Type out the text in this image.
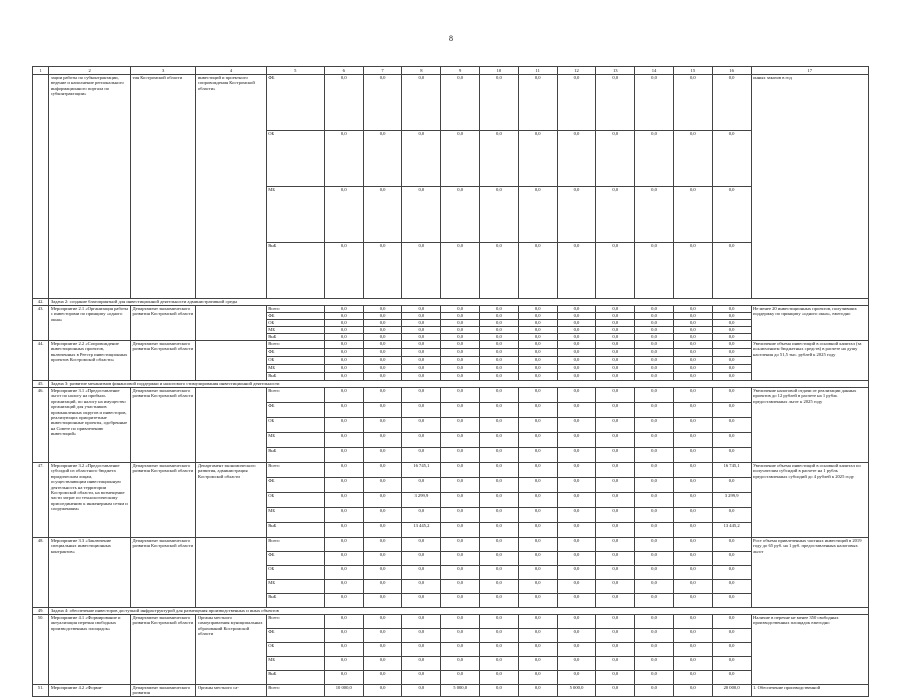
8
1	2	3	4	5	6	7	8	9	10	11	12	13	14	15	16	17
	зации работы по субконтрактации, ведение и наполнение регионального информационного портала по субконтрактации»	тия Костромской области	инвестиций и проектного сопровождения Костромской области»	ФБ	0,0	0,0	0,0	0,0	0,0	0,0	0,0	0,0	0,0	0,0	0,0	онных заказов в год
				ОБ	0,0	0,0	0,0	0,0	0,0	0,0	0,0	0,0	0,0	0,0	0,0	
				МБ	0,0	0,0	0,0	0,0	0,0	0,0	0,0	0,0	0,0	0,0	0,0	
				ВнБ	0,0	0,0	0,0	0,0	0,0	0,0	0,0	0,0	0,0	0,0	0,0	
42.	Задача 2: создание благоприятной для инвестиционной деятельности административной среды															
43.	Мероприятие 2.1 «Организация работы с инвесторами по принципу «одного окна»	Департамент экономического развития Костромской области		Всего	0,0	0,0	0,0	0,0	0,0	0,0	0,0	0,0	0,0	0,0	0,0	Не менее 20 инвестиционных проектов, получивших поддержку по принципу «одного окна», ежегодно
				ФБ	0,0	0,0	0,0	0,0	0,0	0,0	0,0	0,0	0,0	0,0	0,0	
				ОБ	0,0	0,0	0,0	0,0	0,0	0,0	0,0	0,0	0,0	0,0	0,0	
				МБ	0,0	0,0	0,0	0,0	0,0	0,0	0,0	0,0	0,0	0,0	0,0	
				ВнБ	0,0	0,0	0,0	0,0	0,0	0,0	0,0	0,0	0,0	0,0	0,0	
44.	Мероприятие 2.2 «Сопровождение инвестиционных проектов, включенных в Реестр инвестиционных проектов Костромской области»	Департамент экономического развития Костромской области		Всего	0,0	0,0	0,0	0,0	0,0	0,0	0,0	0,0	0,0	0,0	0,0	Увеличение объема инвестиций в основной капитал (за исключением бюджетных средств) в расчете на душу населения до 51,5 тыс. рублей к 2025 году
				ФБ	0,0	0,0	0,0	0,0	0,0	0,0	0,0	0,0	0,0	0,0	0,0	
				ОБ	0,0	0,0	0,0	0,0	0,0	0,0	0,0	0,0	0,0	0,0	0,0	
				МБ	0,0	0,0	0,0	0,0	0,0	0,0	0,0	0,0	0,0	0,0	0,0	
				ВнБ	0,0	0,0	0,0	0,0	0,0	0,0	0,0	0,0	0,0	0,0	0,0	
45.	Задача 3: развитие механизмов финансовой поддержки и налогового стимулирования инвестиционной деятельности															
46.	Мероприятие 3.1 «Предоставление льгот по налогу на прибыль организаций, по налогу на имущество организаций для участников промышленных округов и инвесторов, реализующих приоритетные инвестиционные проекты, одобренные на Совете по привлечению инвестиций»	Департамент экономического развития Костромской области		Всего	0,0	0,0	0,0	0,0	0,0	0,0	0,0	0,0	0,0	0,0	0,0	Увеличение налоговой отдачи от реализации данных проектов до 12 рублей в расчете на 1 рубль предоставленных льгот к 2025 году
				ФБ	0,0	0,0	0,0	0,0	0,0	0,0	0,0	0,0	0,0	0,0	0,0	
				ОБ	0,0	0,0	0,0	0,0	0,0	0,0	0,0	0,0	0,0	0,0	0,0	
				МБ	0,0	0,0	0,0	0,0	0,0	0,0	0,0	0,0	0,0	0,0	0,0	
				ВнБ	0,0	0,0	0,0	0,0	0,0	0,0	0,0	0,0	0,0	0,0	0,0	
47.	Мероприятие 3.2 «Предоставление субсидий из областного бюджета юридическим лицам, осуществляющим инвестиционную деятельность на территории Костромской области, на возмещение части затрат по технологическому присоединению к инженерным сетям и сооружениям»	Департамент экономического развития Костромской области	Департамент экономического развития, администрация Костромской области	Всего	0,0	0,0	16 745,1	0,0	0,0	0,0	0,0	0,0	0,0	0,0	16 745,1	Увеличение объема инвестиций в основной капитал по получателям субсидий в расчете на 1 рубль предоставленных субсидий до 4 рублей к 2025 году
				ФБ	0,0	0,0	0,0	0,0	0,0	0,0	0,0	0,0	0,0	0,0	0,0	
				ОБ	0,0	0,0	3 299,9	0,0	0,0	0,0	0,0	0,0	0,0	0,0	3 299,9	
				МБ	0,0	0,0	0,0	0,0	0,0	0,0	0,0	0,0	0,0	0,0	0,0	
				ВнБ	0,0	0,0	13 445,2	0,0	0,0	0,0	0,0	0,0	0,0	0,0	13 445,2	
48.	Мероприятие 3.3 «Заключение специальных инвестиционных контрактов»	Департамент экономического развития Костромской области		Всего	0,0	0,0	0,0	0,0	0,0	0,0	0,0	0,0	0,0	0,0	0,0	Рост объема привлеченных частных инвестиций в 2019 году до 65 руб. на 1 руб. предоставленных налоговых льгот
				ФБ	0,0	0,0	0,0	0,0	0,0	0,0	0,0	0,0	0,0	0,0	0,0	
				ОБ	0,0	0,0	0,0	0,0	0,0	0,0	0,0	0,0	0,0	0,0	0,0	
				МБ	0,0	0,0	0,0	0,0	0,0	0,0	0,0	0,0	0,0	0,0	0,0	
				ВнБ	0,0	0,0	0,0	0,0	0,0	0,0	0,0	0,0	0,0	0,0	0,0	
49.	Задача 4: обеспечение инвесторов доступной инфраструктурой для размещения производственных и иных объектов															
50.	Мероприятие 4.1 «Формирование и актуализация перечня свободных производственных площадок»	Департамент экономического развития Костромской области	Органы местного самоуправления муниципальных образований Костромской области	Всего	0,0	0,0	0,0	0,0	0,0	0,0	0,0	0,0	0,0	0,0	0,0	Наличие в перечне не менее 350 свободных производственных площадок ежегодно
				ФБ	0,0	0,0	0,0	0,0	0,0	0,0	0,0	0,0	0,0	0,0	0,0	
				ОБ	0,0	0,0	0,0	0,0	0,0	0,0	0,0	0,0	0,0	0,0	0,0	
				МБ	0,0	0,0	0,0	0,0	0,0	0,0	0,0	0,0	0,0	0,0	0,0	
				ВнБ	0,0	0,0	0,0	0,0	0,0	0,0	0,0	0,0	0,0	0,0	0,0	
51.	Мероприятие 4.2 «Форми-	Департамент экономического развития	Органы местного са-	Всего	10 000,0	0,0	0,0	5 000,0	0,0	0,0	5 000,0	0,0	0,0	0,0	20 000,0	1. Обеспечение производственной
